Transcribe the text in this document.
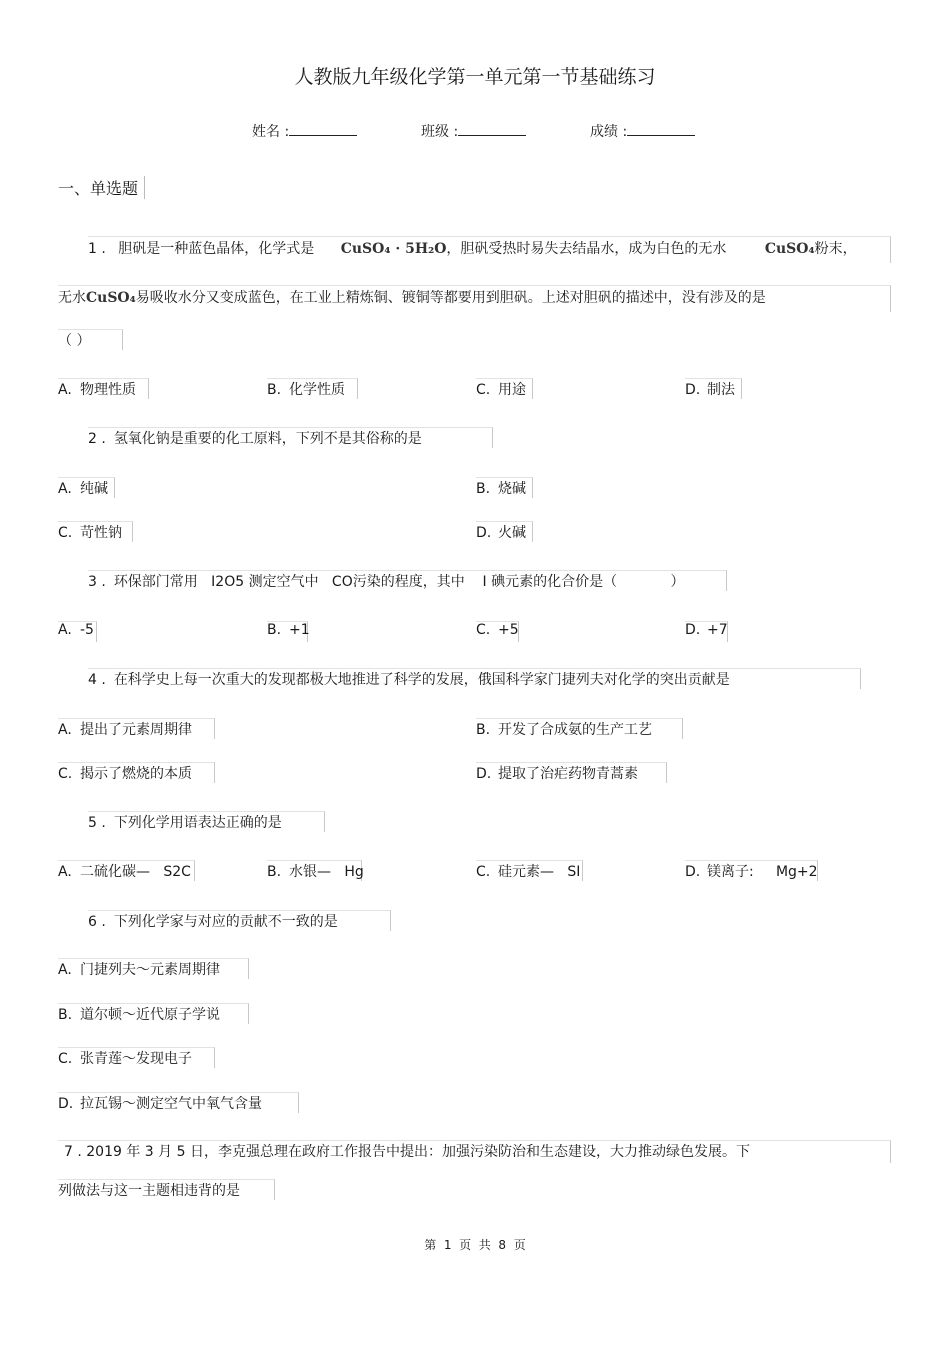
人教版九年级化学第一单元第一节基础练习
姓名 :	班级 :	成绩 :
一、单选题
1 . 胆矾是一种蓝色晶体，化学式是 CuSO₄ · 5H₂O，胆矾受热时易失去结晶水，成为白色的无水	CuSO₄粉末，
无水CuSO₄易吸收水分又变成蓝色，在工业上精炼铜、镀铜等都要用到胆矾。上述对胆矾的描述中，没有涉及的是
（ ）
A. 物理性质	B. 化学性质	C. 用途	D. 制法
2 . 氢氧化钠是重要的化工原料，下列不是其俗称的是
A. 纯碱	B. 烧碱
C. 苛性钠	D. 火碱
3 . 环保部门常用   I2O5 测定空气中   CO污染的程度，其中    I 碘元素的化合价是（            ）
A. -5	B. +1	C. +5	D. +7
4 . 在科学史上每一次重大的发现都极大地推进了科学的发展，俄国科学家门捷列夫对化学的突出贡献是
A. 提出了元素周期律	B. 开发了合成氨的生产工艺
C. 揭示了燃烧的本质	D. 提取了治疟药物青蒿素
5 . 下列化学用语表达正确的是
A. 二硫化碳—   S2C	B. 水银—   Hg	C. 硅元素—   SI	D. 镁离子:     Mg+2
6 . 下列化学家与对应的贡献不一致的是
A. 门捷列夫～元素周期律
B. 道尔顿～近代原子学说
C. 张青莲～发现电子
D. 拉瓦锡～测定空气中氧气含量
7 . 2019 年 3 月 5 日，李克强总理在政府工作报告中提出：加强污染防治和生态建设，大力推动绿色发展。下
列做法与这一主题相违背的是
第  1  页  共  8  页
